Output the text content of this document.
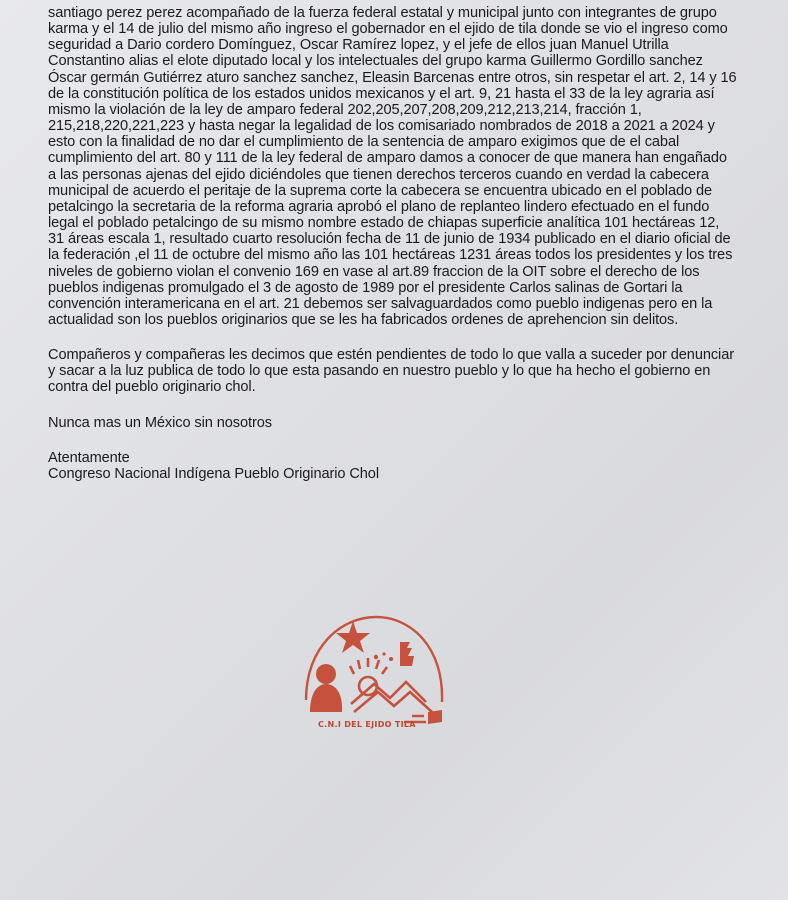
santiago perez perez acompañado de la fuerza federal estatal y municipal junto con integrantes de grupo karma y el 14 de julio del mismo año ingreso el gobernador en el ejido de tila donde se vio el ingreso como seguridad a Dario cordero Domínguez, Oscar Ramírez lopez, y el jefe de ellos juan Manuel Utrilla Constantino alias el elote diputado local y los intelectuales del grupo karma Guillermo Gordillo sanchez Óscar germán Gutiérrez aturo sanchez sanchez, Eleasin Barcenas entre otros, sin respetar el art. 2, 14 y 16 de la constitución política de los estados unidos mexicanos y el art. 9, 21 hasta el 33 de la ley agraria así mismo la violación de la ley de amparo federal 202,205,207,208,209,212,213,214, fracción 1, 215,218,220,221,223 y hasta negar la legalidad de los comisariado nombrados de 2018 a 2021 a 2024 y esto con la finalidad de no dar el cumplimiento de la sentencia de amparo exigimos que de el cabal cumplimiento del art. 80 y 111 de la ley federal de amparo damos a conocer de que manera han engañado a las personas ajenas del ejido diciéndoles que tienen derechos terceros cuando en verdad la cabecera municipal de acuerdo el peritaje de la suprema corte la cabecera se encuentra ubicado en el poblado de petalcingo la secretaria de la reforma agraria aprobó el plano de replanteo lindero efectuado en el fundo legal el poblado petalcingo de su mismo nombre estado de chiapas superficie analítica 101 hectáreas 12, 31 áreas escala 1, resultado cuarto resolución fecha de 11 de junio de 1934 publicado en el diario oficial de la federación ,el 11 de octubre del mismo año las 101 hectáreas 1231 áreas todos los presidentes y los tres niveles de gobierno violan el convenio 169 en vase al art.89 fraccion de la OIT sobre el derecho de los pueblos indigenas promulgado el 3 de agosto de 1989 por el presidente Carlos salinas de Gortari la convención interamericana en el art. 21 debemos ser salvaguardados como pueblo indigenas pero en la actualidad son los pueblos originarios que se les ha fabricados ordenes de aprehencion sin delitos.

Compañeros y compañeras les decimos que estén pendientes de todo lo que valla a suceder por denunciar y sacar a la luz publica de todo lo que esta pasando en nuestro pueblo y lo que ha hecho el gobierno en contra del pueblo originario chol.

Nunca mas un México sin nosotros

Atentamente

Congreso Nacional Indígena Pueblo Originario Chol

C.N.I DEL EJIDO TILA
